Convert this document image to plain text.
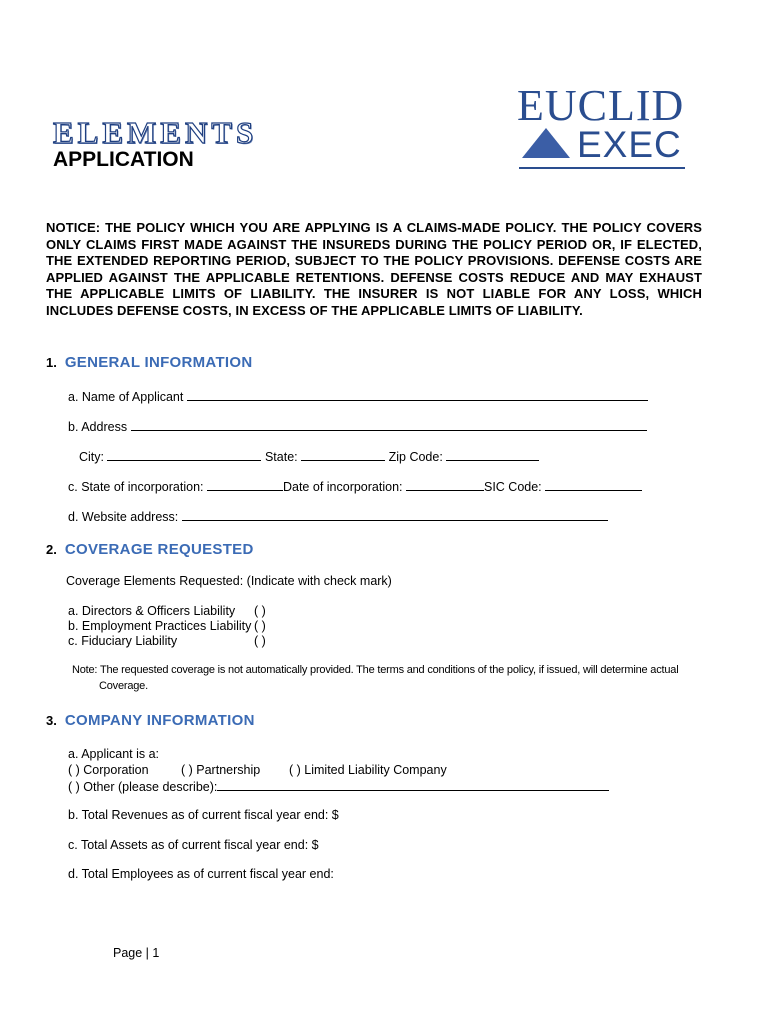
ELEMENTS
APPLICATION
EUCLID
EXEC
NOTICE: THE POLICY WHICH YOU ARE APPLYING IS A CLAIMS-MADE POLICY. THE POLICY COVERS ONLY CLAIMS FIRST MADE AGAINST THE INSUREDS DURING THE POLICY PERIOD OR, IF ELECTED, THE EXTENDED REPORTING PERIOD, SUBJECT TO THE POLICY PROVISIONS. DEFENSE COSTS ARE APPLIED AGAINST THE APPLICABLE RETENTIONS. DEFENSE COSTS REDUCE AND MAY EXHAUST THE APPLICABLE LIMITS OF LIABILITY. THE INSURER IS NOT LIABLE FOR ANY LOSS, WHICH INCLUDES DEFENSE COSTS, IN EXCESS OF THE APPLICABLE LIMITS OF LIABILITY.
1. GENERAL INFORMATION
a. Name of Applicant
b. Address
City:	State:	Zip Code:
c. State of incorporation:	Date of incorporation:	SIC Code:
d. Website address:
2. COVERAGE REQUESTED
Coverage Elements Requested: (Indicate with check mark)
a. Directors & Officers Liability ( )
b. Employment Practices Liability ( )
c. Fiduciary Liability	( )
Note: The requested coverage is not automatically provided. The terms and conditions of the policy, if issued, will determine actual
Coverage.
3. COMPANY INFORMATION
a. Applicant is a:
( ) Corporation	( ) Partnership ( ) Limited Liability Company
( ) Other (please describe):
b. Total Revenues as of current fiscal year end: $
c. Total Assets as of current fiscal year end: $
d. Total Employees as of current fiscal year end:
Page | 1
